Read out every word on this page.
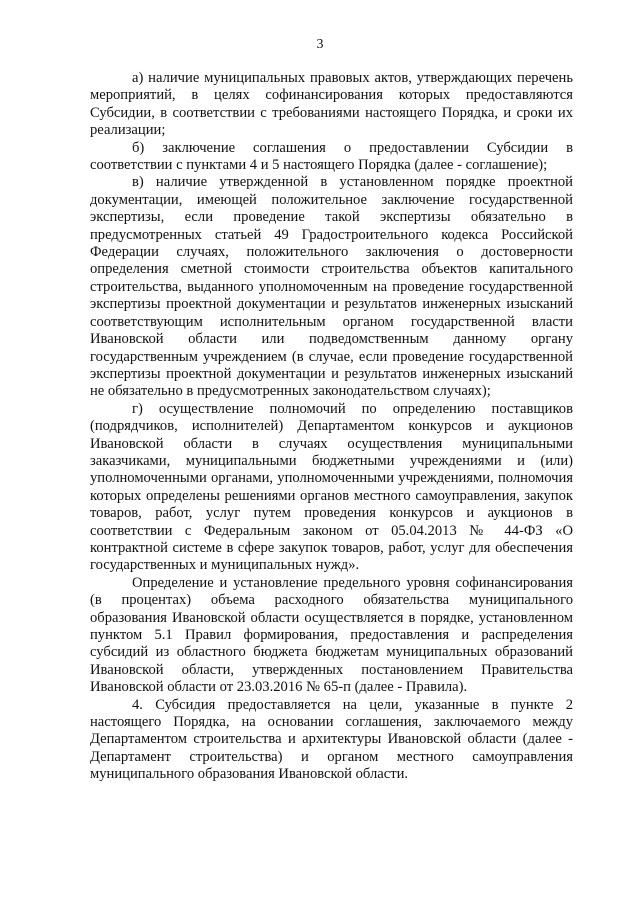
3

а) наличие муниципальных правовых актов, утверждающих перечень мероприятий, в целях софинансирования которых предоставляются Субсидии, в соответствии с требованиями настоящего Порядка, и сроки их реализации;

б) заключение соглашения о предоставлении Субсидии в соответствии с пунктами 4 и 5 настоящего Порядка (далее - соглашение);

в) наличие утвержденной в установленном порядке проектной документации, имеющей положительное заключение государственной экспертизы, если проведение такой экспертизы обязательно в предусмотренных статьей 49 Градостроительного кодекса Российской Федерации случаях, положительного заключения о достоверности определения сметной стоимости строительства объектов капитального строительства, выданного уполномоченным на проведение государственной экспертизы проектной документации и результатов инженерных изысканий соответствующим исполнительным органом государственной власти Ивановской области или подведомственным данному органу государственным учреждением (в случае, если проведение государственной экспертизы проектной документации и результатов инженерных изысканий не обязательно в предусмотренных законодательством случаях);

г) осуществление полномочий по определению поставщиков (подрядчиков, исполнителей) Департаментом конкурсов и аукционов Ивановской области в случаях осуществления муниципальными заказчиками, муниципальными бюджетными учреждениями и (или) уполномоченными органами, уполномоченными учреждениями, полномочия которых определены решениями органов местного самоуправления, закупок товаров, работ, услуг путем проведения конкурсов и аукционов в соответствии с Федеральным законом от 05.04.2013 № 44-ФЗ «О контрактной системе в сфере закупок товаров, работ, услуг для обеспечения государственных и муниципальных нужд».

Определение и установление предельного уровня софинансирования (в процентах) объема расходного обязательства муниципального образования Ивановской области осуществляется в порядке, установленном пунктом 5.1 Правил формирования, предоставления и распределения субсидий из областного бюджета бюджетам муниципальных образований Ивановской области, утвержденных постановлением Правительства Ивановской области от 23.03.2016 № 65-п (далее - Правила).

4. Субсидия предоставляется на цели, указанные в пункте 2 настоящего Порядка, на основании соглашения, заключаемого между Департаментом строительства и архитектуры Ивановской области (далее - Департамент строительства) и органом местного самоуправления муниципального образования Ивановской области.
